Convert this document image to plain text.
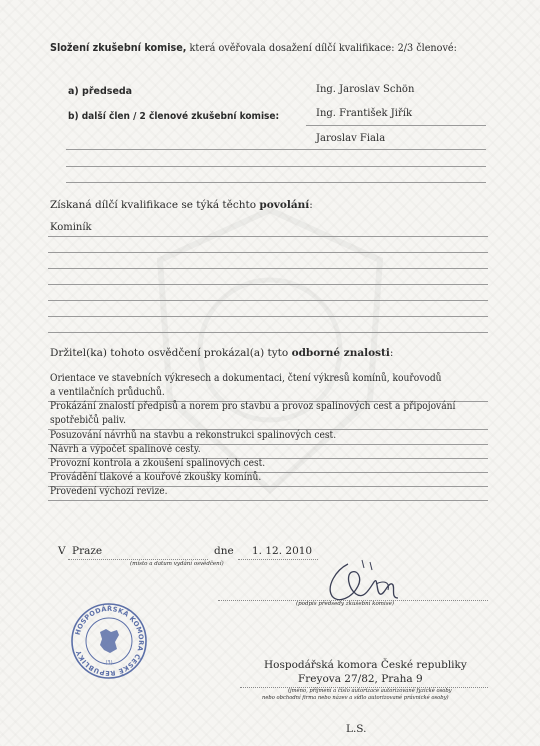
Složení zkušební komise, která ověřovala dosažení dílčí kvalifikace: 2/3 členové:
a) předseda	Ing. Jaroslav Schön
b) další člen / 2 členové zkušební komise:	Ing. František Jiřík
Jaroslav Fiala
Získaná dílčí kvalifikace se týká těchto povolání:
Kominík
Držitel(ka) tohoto osvědčení prokázal(a) tyto odborné znalosti:
Orientace ve stavebních výkresech a dokumentaci, čtení výkresů komínů, kouřovodů
a ventilačních průduchů.
Prokázání znalostí předpisů a norem pro stavbu a provoz spalinových cest a připojování
spotřebičů paliv.
Posuzování návrhů na stavbu a rekonstrukci spalinových cest.
Návrh a výpočet spalinové cesty.
Provozní kontrola a zkoušení spalinových cest.
Provádění tlakové a kouřové zkoušky komínů.
Provedení výchozí revize.
V Praze	dne 1. 12. 2010
(místo a datum vydání osvědčení)
(podpis předsedy zkušební komise)
HOSPODÁŘSKÁ KOMORA ČESKÉ REPUBLIKY
(3)	Hospodářská komora České republiky
Freyova 27/82, Praha 9
(jméno, příjmení a číslo autorizace autorizované fyzické osoby
nebo obchodní firma nebo název a sídlo autorizované právnické osoby)
L.S.
